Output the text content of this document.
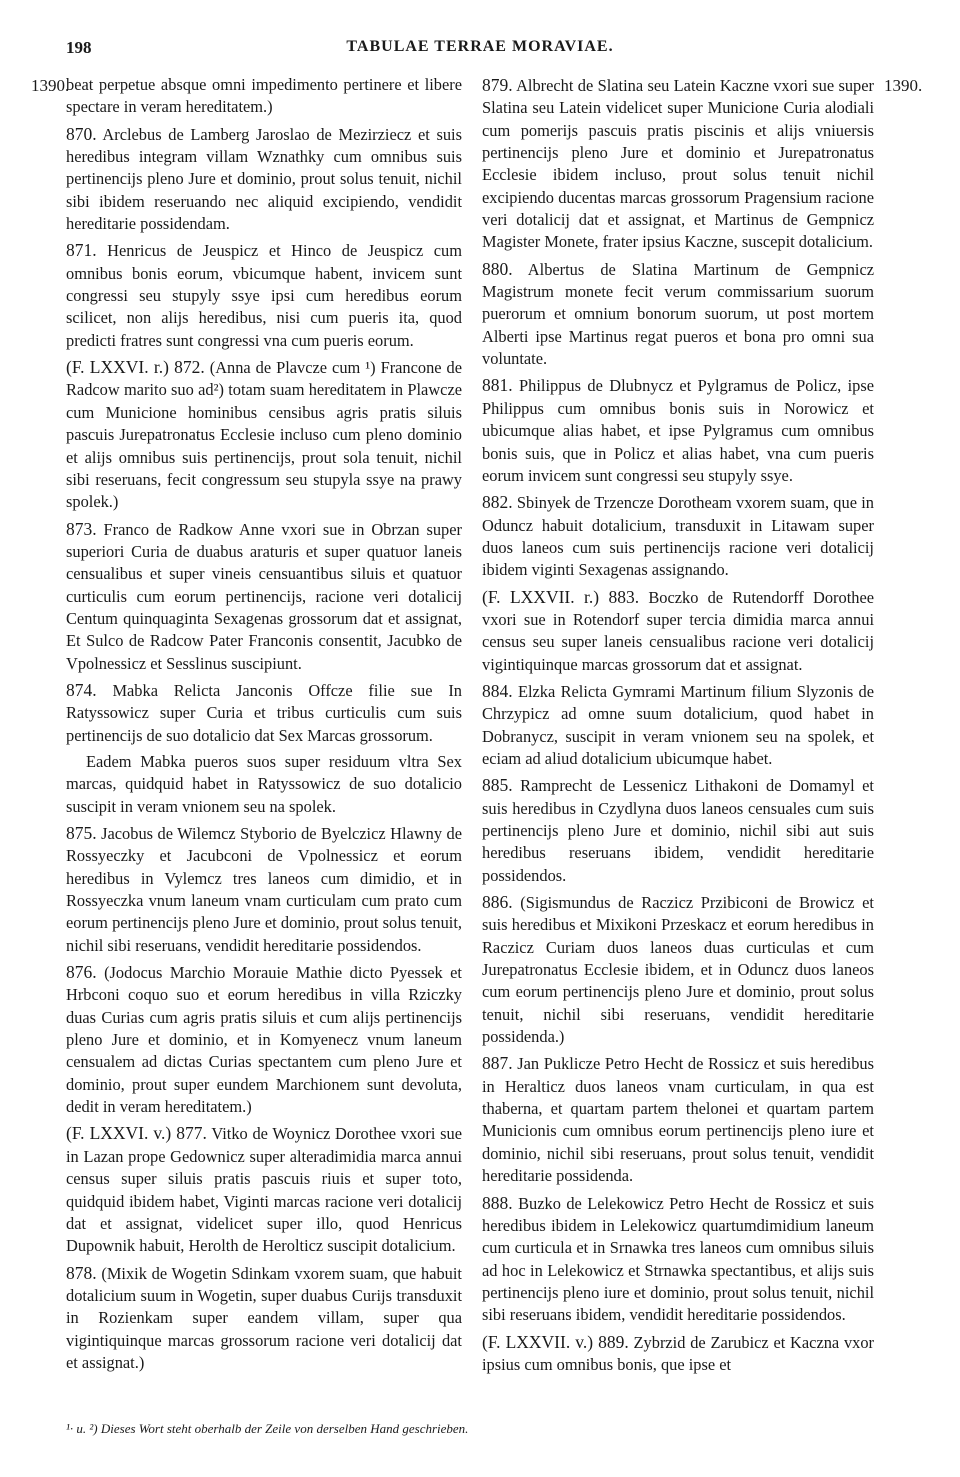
198	TABULAE TERRAE MORAVIAE.
1390.	1390.

beat perpetue absque omni impedimento pertinere et libere spectare in veram hereditatem.)

870. Arclebus de Lamberg Jaroslao de Mezirziecz et suis heredibus integram villam Wznathky cum omnibus suis pertinencijs pleno Jure et dominio, prout solus tenuit, nichil sibi ibidem reseruando nec aliquid excipiendo, vendidit hereditarie possidendam.

871. Henricus de Jeuspicz et Hinco de Jeuspicz cum omnibus bonis eorum, vbicumque habent, invicem sunt congressi seu stupyly ssye ipsi cum heredibus eorum scilicet, non alijs heredibus, nisi cum pueris ita, quod predicti fratres sunt congressi vna cum pueris eorum.

(F. LXXVI. r.) 872. (Anna de Plavcze cum ¹) Francone de Radcow marito suo ad²) totam suam hereditatem in Plawcze cum Municione hominibus censibus agris pratis siluis pascuis Jurepatronatus Ecclesie incluso cum pleno dominio et alijs omnibus suis pertinencijs, prout sola tenuit, nichil sibi reseruans, fecit congressum seu stupyla ssye na prawy spolek.)

873. Franco de Radkow Anne vxori sue in Obrzan super superiori Curia de duabus araturis et super quatuor laneis censualibus et super vineis censuantibus siluis et quatuor curticulis cum eorum pertinencijs, racione veri dotalicij Centum quinquaginta Sexagenas grossorum dat et assignat, Et Sulco de Radcow Pater Franconis consentit, Jacubko de Vpolnessicz et Sesslinus suscipiunt.

874. Mabka Relicta Janconis Offcze filie sue In Ratyssowicz super Curia et tribus curticulis cum suis pertinencijs de suo dotalicio dat Sex Marcas grossorum.

Eadem Mabka pueros suos super residuum vltra Sex marcas, quidquid habet in Ratyssowicz de suo dotalicio suscipit in veram vnionem seu na spolek.

875. Jacobus de Wilemcz Styborio de Byelczicz Hlawny de Rossyeczky et Jacubconi de Vpolnessicz et eorum heredibus in Vylemcz tres laneos cum dimidio, et in Rossyeczka vnum laneum vnam curticulam cum prato cum eorum pertinencijs pleno Jure et dominio, prout solus tenuit, nichil sibi reseruans, vendidit hereditarie possidendos.

876. (Jodocus Marchio Morauie Mathie dicto Pyessek et Hrbconi coquo suo et eorum heredibus in villa Rziczky duas Curias cum agris pratis siluis et cum alijs pertinencijs pleno Jure et dominio, et in Komyenecz vnum laneum censualem ad dictas Curias spectantem cum pleno Jure et dominio, prout super eundem Marchionem sunt devoluta, dedit in veram hereditatem.)

(F. LXXVI. v.) 877. Vitko de Woynicz Dorothee vxori sue in Lazan prope Gedownicz super alteradimidia marca annui census super siluis pratis pascuis riuis et super toto, quidquid ibidem habet, Viginti marcas racione veri dotalicij dat et assignat, videlicet super illo, quod Henricus Dupownik habuit, Herolth de Herolticz suscipit dotalicium.

878. (Mixik de Wogetin Sdinkam vxorem suam, que habuit dotalicium suum in Wogetin, super duabus Curijs transduxit in Rozienkam super eandem villam, super qua vigintiquinque marcas grossorum racione veri dotalicij dat et assignat.)

879. Albrecht de Slatina seu Latein Kaczne vxori sue super Slatina seu Latein videlicet super Municione Curia alodiali cum pomerijs pascuis pratis piscinis et alijs vniuersis pertinencijs pleno Jure et dominio et Jurepatronatus Ecclesie ibidem incluso, prout solus tenuit nichil excipiendo ducentas marcas grossorum Pragensium racione veri dotalicij dat et assignat, et Martinus de Gempnicz Magister Monete, frater ipsius Kaczne, suscepit dotalicium.

880. Albertus de Slatina Martinum de Gempnicz Magistrum monete fecit verum commissarium suorum puerorum et omnium bonorum suorum, ut post mortem Alberti ipse Martinus regat pueros et bona pro omni sua voluntate.

881. Philippus de Dlubnycz et Pylgramus de Policz, ipse Philippus cum omnibus bonis suis in Norowicz et ubicumque alias habet, et ipse Pylgramus cum omnibus bonis suis, que in Policz et alias habet, vna cum pueris eorum invicem sunt congressi seu stupyly ssye.

882. Sbinyek de Trzencze Dorotheam vxorem suam, que in Oduncz habuit dotalicium, transduxit in Litawam super duos laneos cum suis pertinencijs racione veri dotalicij ibidem viginti Sexagenas assignando.

(F. LXXVII. r.) 883. Boczko de Rutendorff Dorothee vxori sue in Rotendorf super tercia dimidia marca annui census seu super laneis censualibus racione veri dotalicij vigintiquinque marcas grossorum dat et assignat.

884. Elzka Relicta Gymrami Martinum filium Slyzonis de Chrzypicz ad omne suum dotalicium, quod habet in Dobranycz, suscipit in veram vnionem seu na spolek, et eciam ad aliud dotalicium ubicumque habet.

885. Ramprecht de Lessenicz Lithakoni de Domamyl et suis heredibus in Czydlyna duos laneos censuales cum suis pertinencijs pleno Jure et dominio, nichil sibi aut suis heredibus reseruans ibidem, vendidit hereditarie possidendos.

886. (Sigismundus de Raczicz Przibiconi de Browicz et suis heredibus et Mixikoni Przeskacz et eorum heredibus in Raczicz Curiam duos laneos duas curticulas et cum Jurepatronatus Ecclesie ibidem, et in Oduncz duos laneos cum eorum pertinencijs pleno Jure et dominio, prout solus tenuit, nichil sibi reseruans, vendidit hereditarie possidenda.)

887. Jan Puklicze Petro Hecht de Rossicz et suis heredibus in Heralticz duos laneos vnam curticulam, in qua est thaberna, et quartam partem thelonei et quartam partem Municionis cum omnibus eorum pertinencijs pleno iure et dominio, nichil sibi reseruans, prout solus tenuit, vendidit hereditarie possidenda.

888. Buzko de Lelekowicz Petro Hecht de Rossicz et suis heredibus ibidem in Lelekowicz quartumdimidium laneum cum curticula et in Srnawka tres laneos cum omnibus siluis ad hoc in Lelekowicz et Strnawka spectantibus, et alijs suis pertinencijs pleno iure et dominio, prout solus tenuit, nichil sibi reseruans ibidem, vendidit hereditarie possidendos.

(F. LXXVII. v.) 889. Zybrzid de Zarubicz et Kaczna vxor ipsius cum omnibus bonis, que ipse et

¹· u. ²) Dieses Wort steht oberhalb der Zeile von derselben Hand geschrieben.
